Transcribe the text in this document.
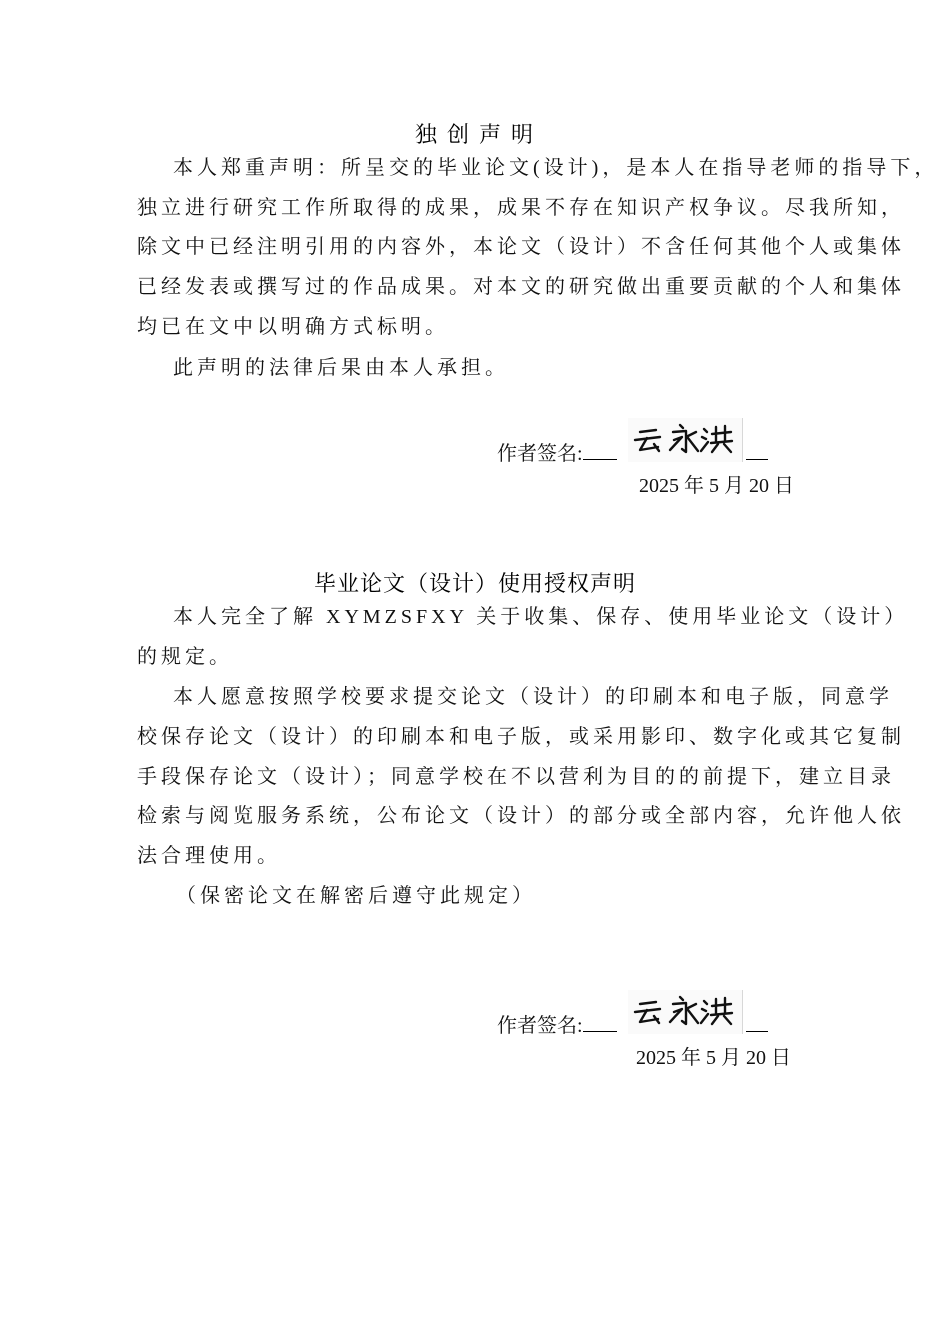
独创声明
本人郑重声明：所呈交的毕业论文(设计)，是本人在指导老师的指导下，
独立进行研究工作所取得的成果，成果不存在知识产权争议。尽我所知，
除文中已经注明引用的内容外，本论文（设计）不含任何其他个人或集体
已经发表或撰写过的作品成果。对本文的研究做出重要贡献的个人和集体
均已在文中以明确方式标明。
此声明的法律后果由本人承担。
作者签名:
2025 年 5 月 20 日
毕业论文（设计）使用授权声明
本人完全了解 XYMZSFXY 关于收集、保存、使用毕业论文（设计）
的规定。
本人愿意按照学校要求提交论文（设计）的印刷本和电子版，同意学
校保存论文（设计）的印刷本和电子版，或采用影印、数字化或其它复制
手段保存论文（设计）；同意学校在不以营利为目的的前提下，建立目录
检索与阅览服务系统，公布论文（设计）的部分或全部内容，允许他人依
法合理使用。
（保密论文在解密后遵守此规定）
作者签名:
2025 年 5 月 20 日
